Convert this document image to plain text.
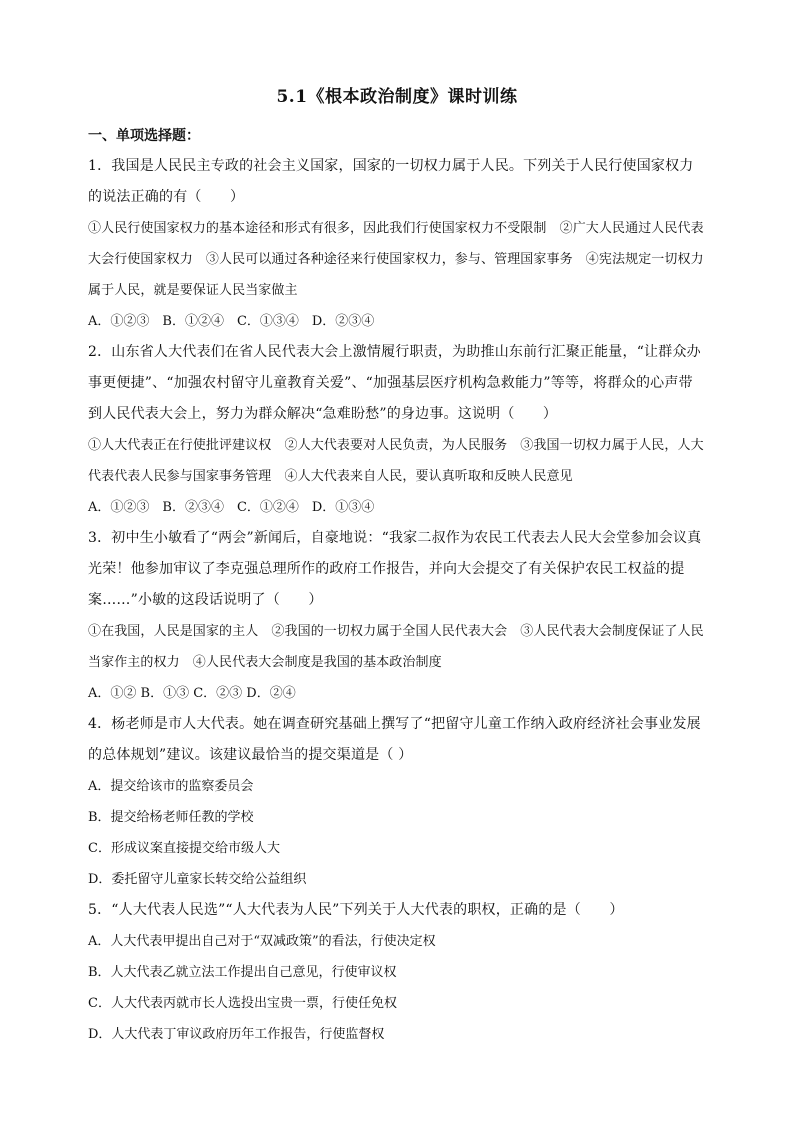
5.1《根本政治制度》课时训练
一、单项选择题：
1．我国是人民民主专政的社会主义国家，国家的一切权力属于人民。下列关于人民行使国家权力的说法正确的有（　　）
①人民行使国家权力的基本途径和形式有很多，因此我们行使国家权力不受限制　②广大人民通过人民代表大会行使国家权力　③人民可以通过各种途径来行使国家权力，参与、管理国家事务　④宪法规定一切权力属于人民，就是要保证人民当家做主
A．①②③　B．①②④　C．①③④　D．②③④
2．山东省人大代表们在省人民代表大会上激情履行职责，为助推山东前行汇聚正能量，“让群众办事更便捷”、“加强农村留守儿童教育关爱”、“加强基层医疗机构急救能力”等等，将群众的心声带到人民代表大会上，努力为群众解决“急难盼愁”的身边事。这说明（　　）
①人大代表正在行使批评建议权　②人大代表要对人民负责，为人民服务　③我国一切权力属于人民，人大代表代表人民参与国家事务管理　④人大代表来自人民，要认真听取和反映人民意见
A．①②③　B．②③④　C．①②④　D．①③④
3．初中生小敏看了“两会”新闻后，自豪地说：“我家二叔作为农民工代表去人民大会堂参加会议真光荣！他参加审议了李克强总理所作的政府工作报告，并向大会提交了有关保护农民工权益的提案……”小敏的这段话说明了（　　）
①在我国，人民是国家的主人　②我国的一切权力属于全国人民代表大会　③人民代表大会制度保证了人民当家作主的权力　④人民代表大会制度是我国的基本政治制度
A．①② B．①③ C．②③ D．②④
4．杨老师是市人大代表。她在调查研究基础上撰写了“把留守儿童工作纳入政府经济社会事业发展的总体规划”建议。该建议最恰当的提交渠道是（ ）
A．提交给该市的监察委员会
B．提交给杨老师任教的学校
C．形成议案直接提交给市级人大
D．委托留守儿童家长转交给公益组织
5．“人大代表人民选”“人大代表为人民”下列关于人大代表的职权，正确的是（　　）
A．人大代表甲提出自己对于“双减政策”的看法，行使决定权
B．人大代表乙就立法工作提出自己意见，行使审议权
C．人大代表丙就市长人选投出宝贵一票，行使任免权
D．人大代表丁审议政府历年工作报告，行使监督权
